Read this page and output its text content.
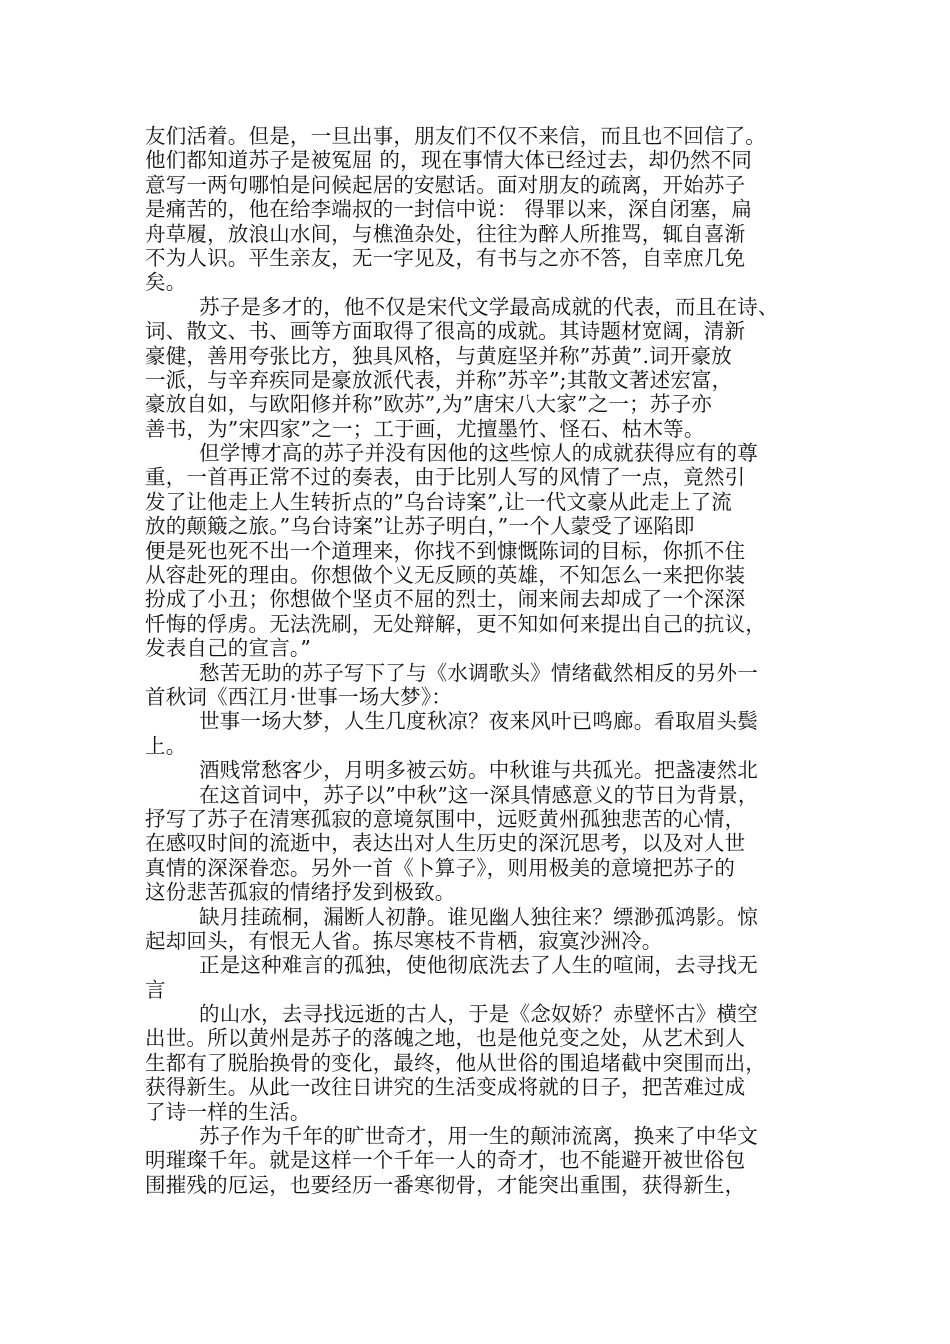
友们活着。但是，一旦出事，朋友们不仅不来信，而且也不回信了。
他们都知道苏子是被冤屈 的，现在事情大体已经过去，却仍然不同
意写一两句哪怕是问候起居的安慰话。面对朋友的疏离，开始苏子
是痛苦的，他在给李端叔的一封信中说： 得罪以来，深自闭塞，扁
舟草履，放浪山水间，与樵渔杂处，往往为醉人所推骂，辄自喜渐
不为人识。平生亲友，无一字见及，有书与之亦不答，自幸庶几免
矣。
苏子是多才的，他不仅是宋代文学最高成就的代表，而且在诗、
词、散文、书、画等方面取得了很高的成就。其诗题材宽阔，清新
豪健，善用夸张比方，独具风格，与黄庭坚并称”苏黄”.词开豪放
一派，与辛弃疾同是豪放派代表，并称”苏辛”;其散文著述宏富，
豪放自如，与欧阳修并称”欧苏”,为”唐宋八大家”之一；苏子亦
善书，为”宋四家”之一；工于画，尤擅墨竹、怪石、枯木等。
但学博才高的苏子并没有因他的这些惊人的成就获得应有的尊
重，一首再正常不过的奏表，由于比别人写的风情了一点，竟然引
发了让他走上人生转折点的”乌台诗案”,让一代文豪从此走上了流
放的颠簸之旅。”乌台诗案”让苏子明白，”一个人蒙受了诬陷即
便是死也死不出一个道理来，你找不到慷慨陈词的目标，你抓不住
从容赴死的理由。你想做个义无反顾的英雄，不知怎么一来把你装
扮成了小丑；你想做个坚贞不屈的烈士，闹来闹去却成了一个深深
忏悔的俘虏。无法洗刷，无处辩解，更不知如何来提出自己的抗议，
发表自己的宣言。”
愁苦无助的苏子写下了与《水调歌头》情绪截然相反的另外一
首秋词《西江月·世事一场大梦》：
世事一场大梦，人生几度秋凉？夜来风叶已鸣廊。看取眉头鬓
上。
酒贱常愁客少，月明多被云妨。中秋谁与共孤光。把盏凄然北
在这首词中，苏子以”中秋”这一深具情感意义的节日为背景，
抒写了苏子在清寒孤寂的意境氛围中，远贬黄州孤独悲苦的心情，
在感叹时间的流逝中，表达出对人生历史的深沉思考，以及对人世
真情的深深眷恋。另外一首《卜算子》，则用极美的意境把苏子的
这份悲苦孤寂的情绪抒发到极致。
缺月挂疏桐，漏断人初静。谁见幽人独往来？缥渺孤鸿影。惊
起却回头，有恨无人省。拣尽寒枝不肯栖，寂寞沙洲冷。
正是这种难言的孤独，使他彻底洗去了人生的喧闹，去寻找无
言
的山水，去寻找远逝的古人，于是《念奴娇？赤壁怀古》横空
出世。所以黄州是苏子的落魄之地，也是他兑变之处，从艺术到人
生都有了脱胎换骨的变化，最终，他从世俗的围追堵截中突围而出，
获得新生。从此一改往日讲究的生活变成将就的日子，把苦难过成
了诗一样的生活。
苏子作为千年的旷世奇才，用一生的颠沛流离，换来了中华文
明璀璨千年。就是这样一个千年一人的奇才，也不能避开被世俗包
围摧残的厄运，也要经历一番寒彻骨，才能突出重围，获得新生，
